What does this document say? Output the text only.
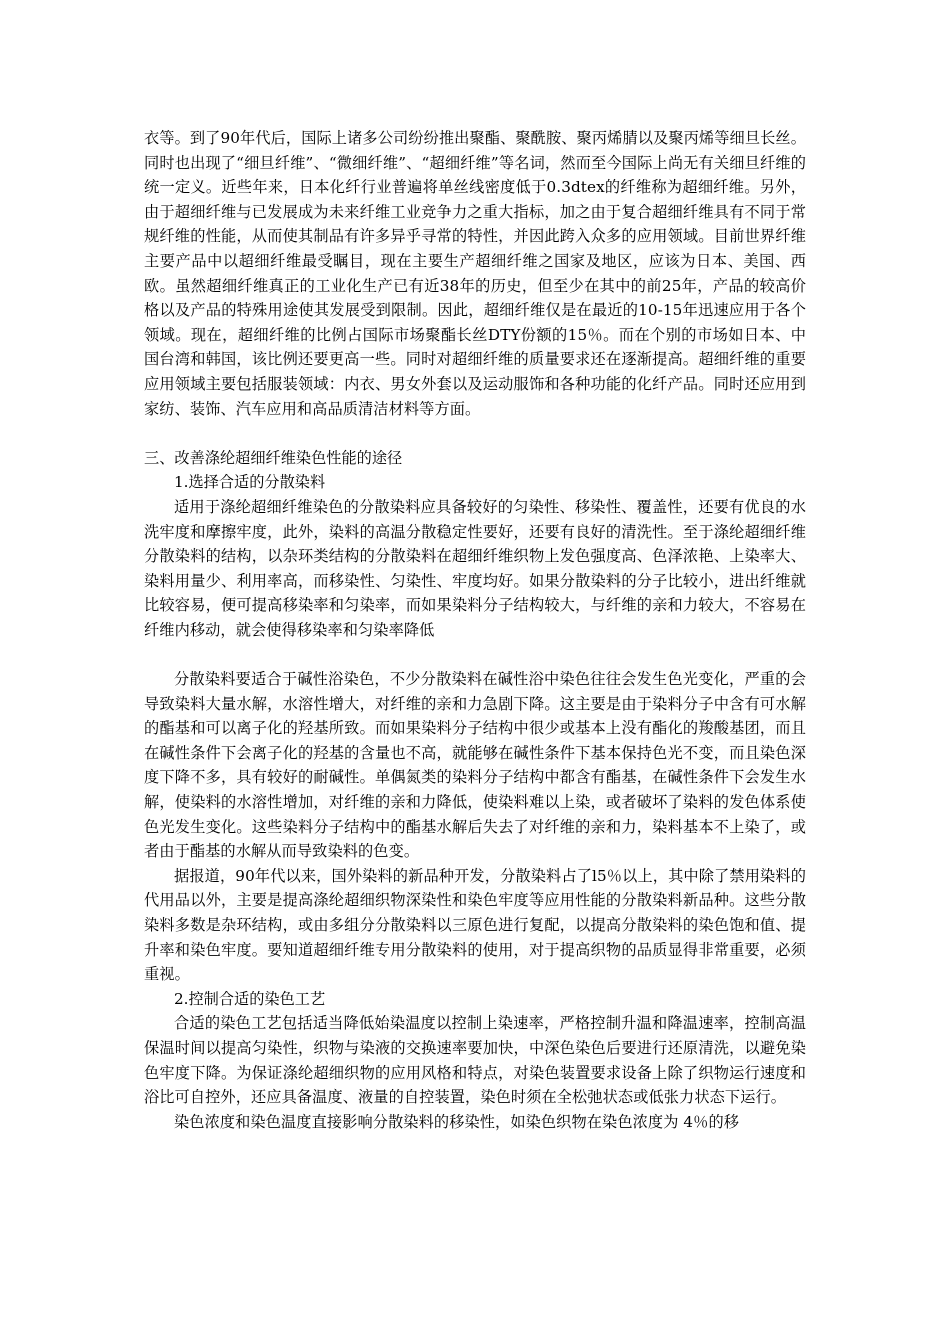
衣等。到了90年代后，国际上诸多公司纷纷推出聚酯、聚酰胺、聚丙烯腈以及聚丙烯等细旦长丝。同时也出现了“细旦纤维”、“微细纤维”、“超细纤维”等名词，然而至今国际上尚无有关细旦纤维的统一定义。近些年来，日本化纤行业普遍将单丝线密度低于0.3dtex的纤维称为超细纤维。另外，由于超细纤维与已发展成为未来纤维工业竞争力之重大指标，加之由于复合超细纤维具有不同于常规纤维的性能，从而使其制品有许多异乎寻常的特性，并因此跨入众多的应用领域。目前世界纤维主要产品中以超细纤维最受瞩目，现在主要生产超细纤维之国家及地区，应该为日本、美国、西欧。虽然超细纤维真正的工业化生产已有近38年的历史，但至少在其中的前25年，产品的较高价格以及产品的特殊用途使其发展受到限制。因此，超细纤维仅是在最近的10-15年迅速应用于各个领域。现在，超细纤维的比例占国际市场聚酯长丝DTY份额的15％。而在个别的市场如日本、中国台湾和韩国，该比例还要更高一些。同时对超细纤维的质量要求还在逐渐提高。超细纤维的重要应用领域主要包括服装领域：内衣、男女外套以及运动服饰和各种功能的化纤产品。同时还应用到家纺、装饰、汽车应用和高品质清洁材料等方面。

三、改善涤纶超细纤维染色性能的途径

1.选择合适的分散染料

适用于涤纶超细纤维染色的分散染料应具备较好的匀染性、移染性、覆盖性，还要有优良的水洗牢度和摩擦牢度，此外，染料的高温分散稳定性要好，还要有良好的清洗性。至于涤纶超细纤维分散染料的结构，以杂环类结构的分散染料在超细纤维织物上发色强度高、色泽浓艳、上染率大、染料用量少、利用率高，而移染性、匀染性、牢度均好。如果分散染料的分子比较小，进出纤维就比较容易，便可提高移染率和匀染率，而如果染料分子结构较大，与纤维的亲和力较大，不容易在纤维内移动，就会使得移染率和匀染率降低

分散染料要适合于碱性浴染色，不少分散染料在碱性浴中染色往往会发生色光变化，严重的会导致染料大量水解，水溶性增大，对纤维的亲和力急剧下降。这主要是由于染料分子中含有可水解的酯基和可以离子化的羟基所致。而如果染料分子结构中很少或基本上没有酯化的羧酸基团，而且在碱性条件下会离子化的羟基的含量也不高，就能够在碱性条件下基本保持色光不变，而且染色深度下降不多，具有较好的耐碱性。单偶氮类的染料分子结构中都含有酯基，在碱性条件下会发生水解，使染料的水溶性增加，对纤维的亲和力降低，使染料难以上染，或者破坏了染料的发色体系使色光发生变化。这些染料分子结构中的酯基水解后失去了对纤维的亲和力，染料基本不上染了，或者由于酯基的水解从而导致染料的色变。

据报道，90年代以来，国外染料的新品种开发，分散染料占了l5％以上，其中除了禁用染料的代用品以外，主要是提高涤纶超细织物深染性和染色牢度等应用性能的分散染料新品种。这些分散染料多数是杂环结构，或由多组分分散染料以三原色进行复配，以提高分散染料的染色饱和值、提升率和染色牢度。要知道超细纤维专用分散染料的使用，对于提高织物的品质显得非常重要，必须重视。

2.控制合适的染色工艺

合适的染色工艺包括适当降低始染温度以控制上染速率，严格控制升温和降温速率，控制高温保温时间以提高匀染性，织物与染液的交换速率要加快，中深色染色后要进行还原清洗，以避免染色牢度下降。为保证涤纶超细织物的应用风格和特点，对染色装置要求设备上除了织物运行速度和浴比可自控外，还应具备温度、液量的自控装置，染色时须在全松弛状态或低张力状态下运行。

染色浓度和染色温度直接影响分散染料的移染性，如染色织物在染色浓度为 4％的移
